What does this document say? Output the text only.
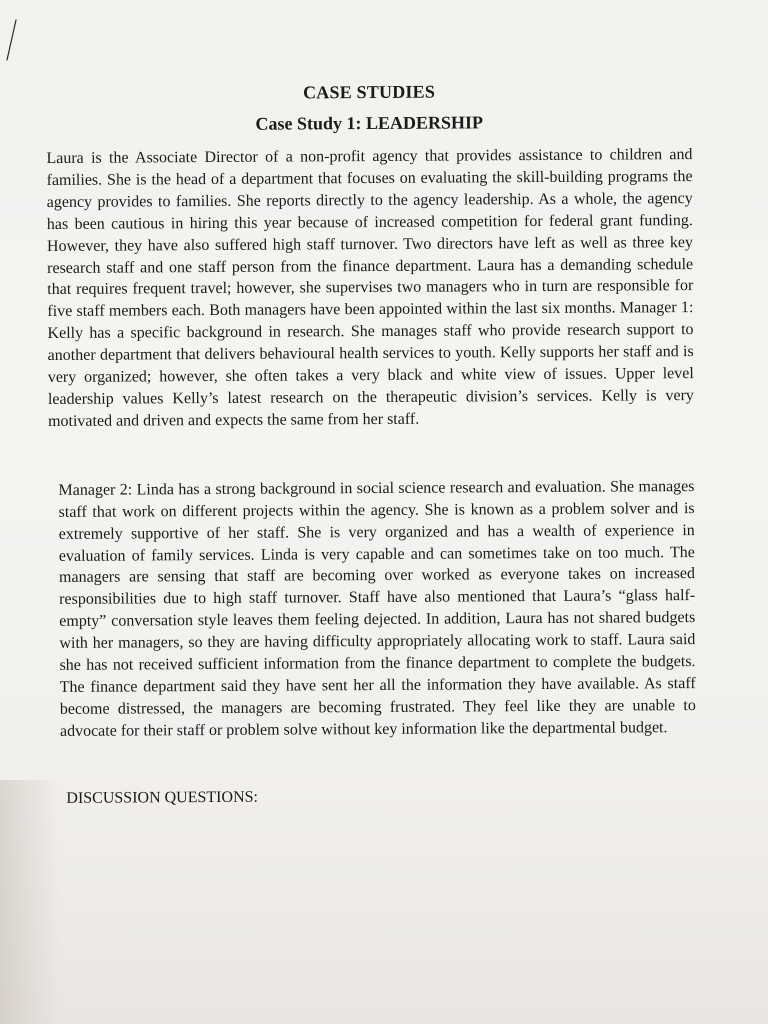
CASE STUDIES
Case Study 1: LEADERSHIP

Laura is the Associate Director of a non-profit agency that provides assistance to children and families. She is the head of a department that focuses on evaluating the skill-building programs the agency provides to families. She reports directly to the agency leadership. As a whole, the agency has been cautious in hiring this year because of increased competition for federal grant funding. However, they have also suffered high staff turnover. Two directors have left as well as three key research staff and one staff person from the finance department. Laura has a demanding schedule that requires frequent travel; however, she supervises two managers who in turn are responsible for five staff members each. Both managers have been appointed within the last six months. Manager 1: Kelly has a specific background in research. She manages staff who provide research support to another department that delivers behavioural health services to youth. Kelly supports her staff and is very organized; however, she often takes a very black and white view of issues. Upper level leadership values Kelly’s latest research on the therapeutic division’s services. Kelly is very motivated and driven and expects the same from her staff.

Manager 2: Linda has a strong background in social science research and evaluation. She manages staff that work on different projects within the agency. She is known as a problem solver and is extremely supportive of her staff. She is very organized and has a wealth of experience in evaluation of family services. Linda is very capable and can sometimes take on too much. The managers are sensing that staff are becoming over worked as everyone takes on increased responsibilities due to high staff turnover. Staff have also mentioned that Laura’s “glass half-empty” conversation style leaves them feeling dejected. In addition, Laura has not shared budgets with her managers, so they are having difficulty appropriately allocating work to staff. Laura said she has not received sufficient information from the finance department to complete the budgets. The finance department said they have sent her all the information they have available. As staff become distressed, the managers are becoming frustrated. They feel like they are unable to advocate for their staff or problem solve without key information like the departmental budget.

DISCUSSION QUESTIONS:
